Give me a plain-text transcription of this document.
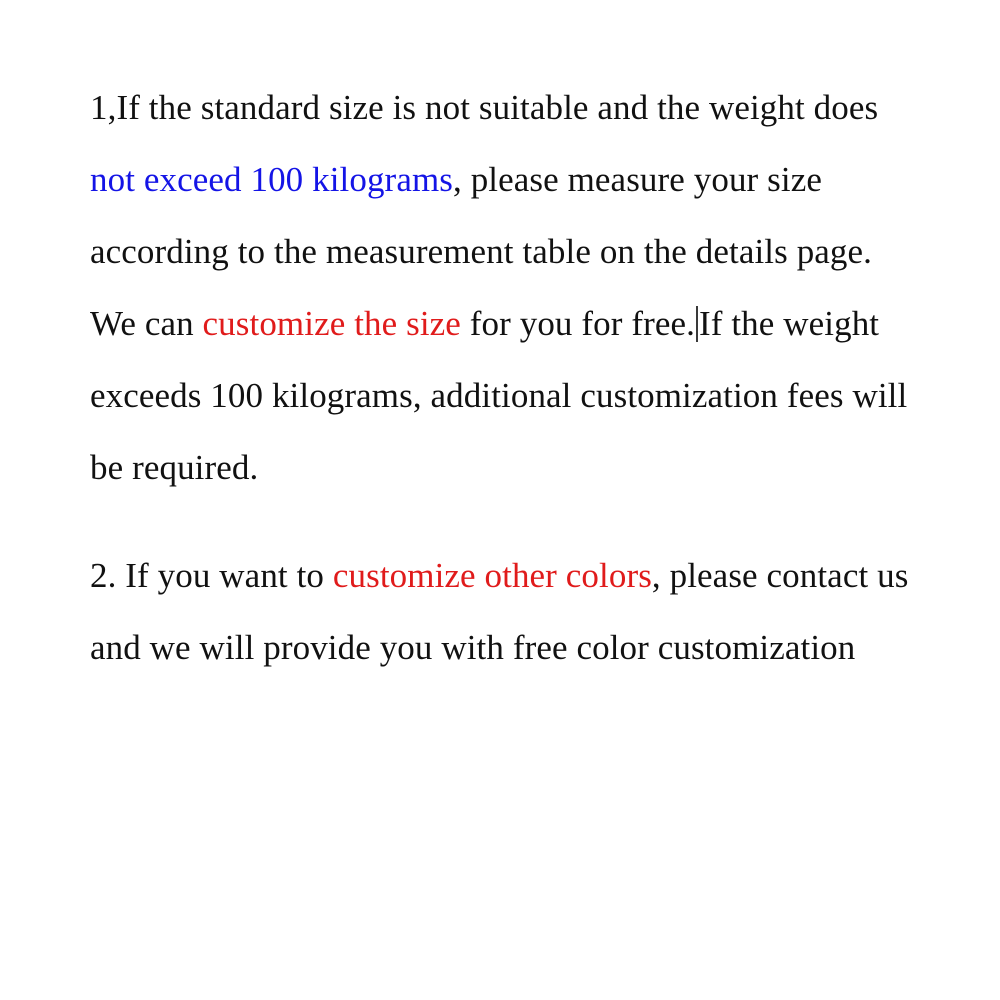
1,If the standard size is not suitable and the weight does not exceed 100 kilograms, please measure your size according to the measurement table on the details page. We can customize the size for you for free. If the weight exceeds 100 kilograms, additional customization fees will be required.
2. If you want to customize other colors, please contact us and we will provide you with free color customization
